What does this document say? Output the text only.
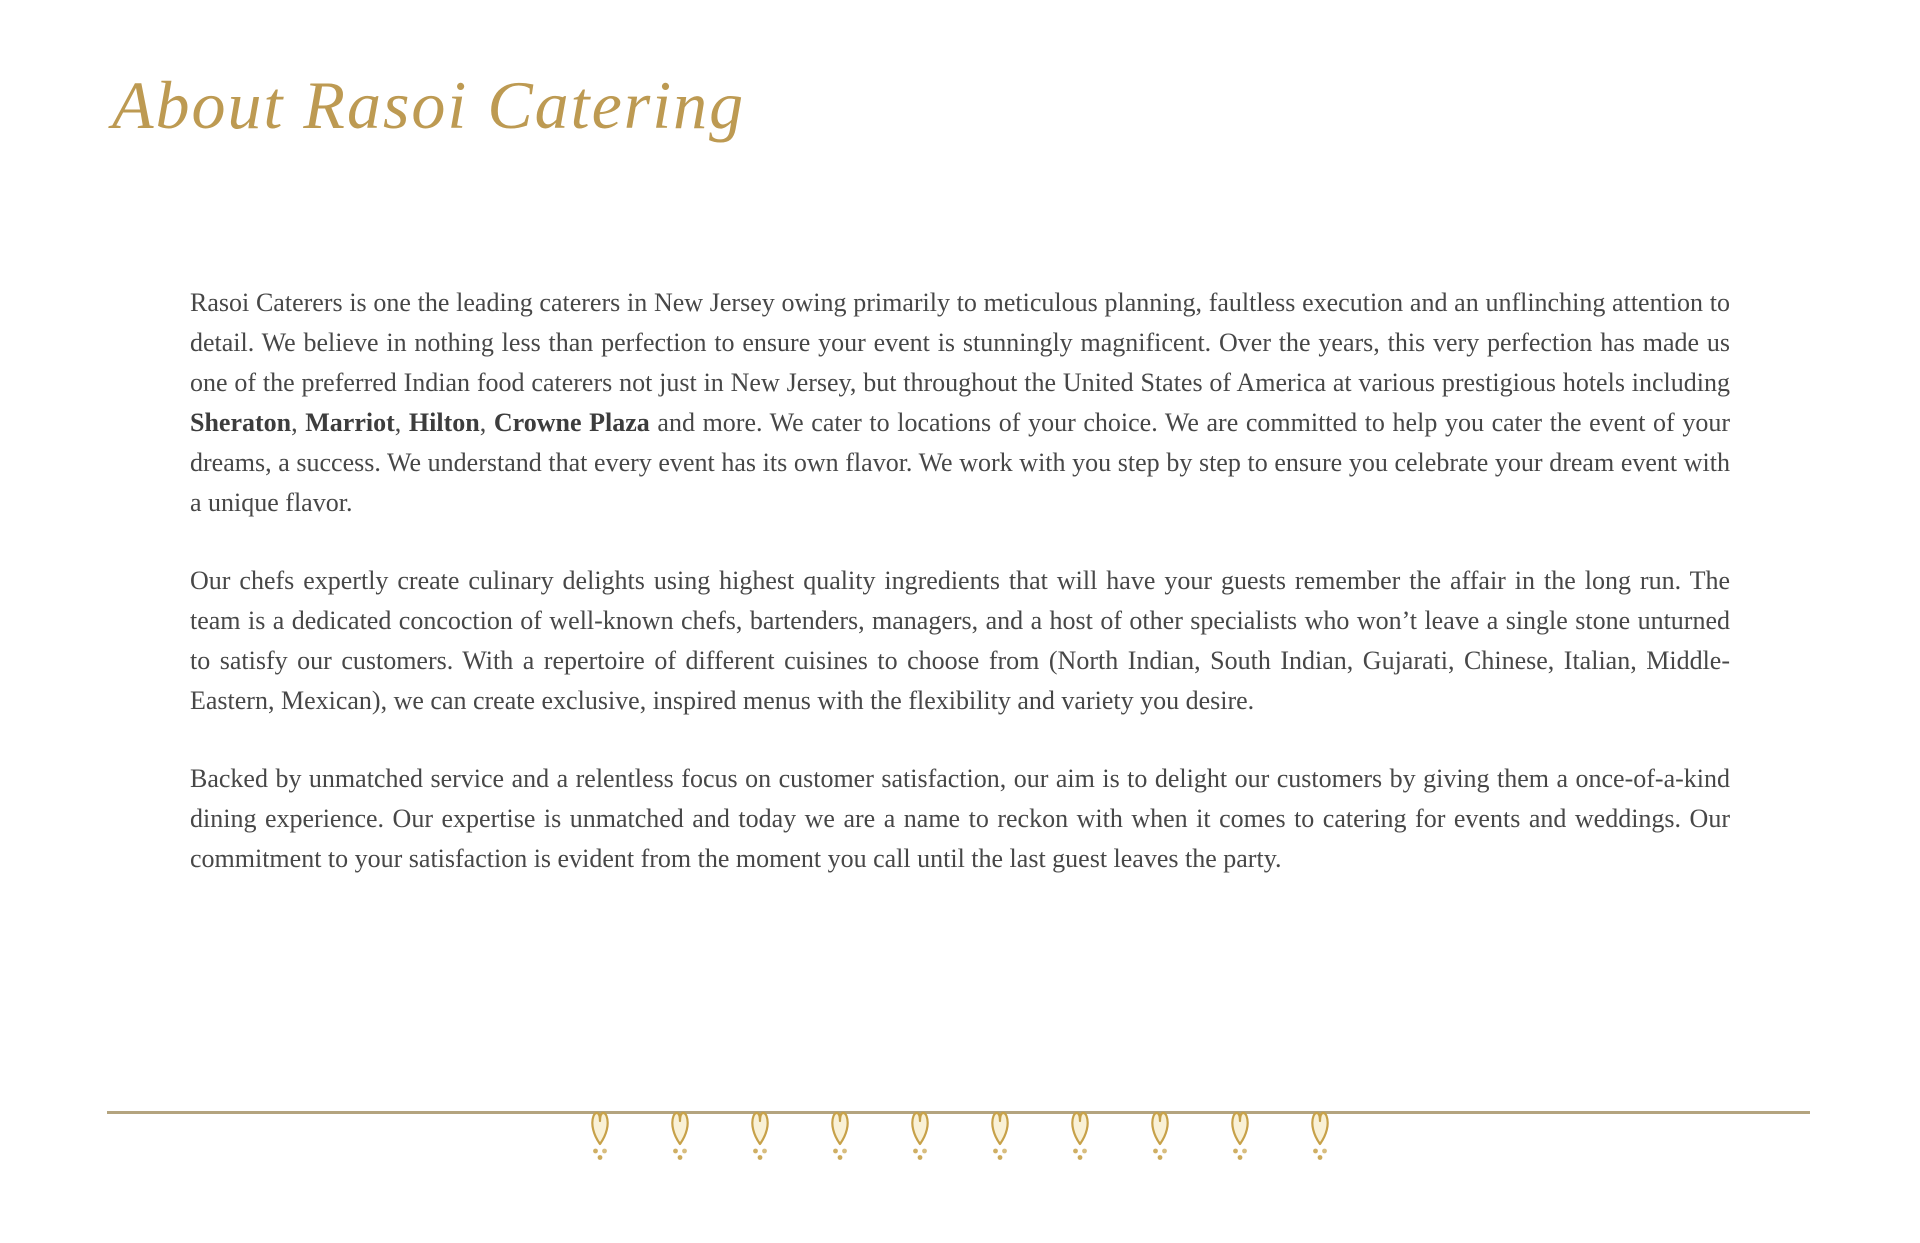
About Rasoi Catering

Rasoi Caterers is one the leading caterers in New Jersey owing primarily to meticulous planning, faultless execution and an unflinching attention to detail. We believe in nothing less than perfection to ensure your event is stunningly magnificent. Over the years, this very perfection has made us one of the preferred Indian food caterers not just in New Jersey, but throughout the United States of America at various prestigious hotels including Sheraton, Marriot, Hilton, Crowne Plaza and more. We cater to locations of your choice. We are committed to help you cater the event of your dreams, a success. We understand that every event has its own flavor. We work with you step by step to ensure you celebrate your dream event with a unique flavor.

Our chefs expertly create culinary delights using highest quality ingredients that will have your guests remember the affair in the long run. The team is a dedicated concoction of well-known chefs, bartenders, managers, and a host of other specialists who won’t leave a single stone unturned to satisfy our customers. With a repertoire of different cuisines to choose from (North Indian, South Indian, Gujarati, Chinese, Italian, Middle-Eastern, Mexican), we can create exclusive, inspired menus with the flexibility and variety you desire.

Backed by unmatched service and a relentless focus on customer satisfaction, our aim is to delight our customers by giving them a once-of-a-kind dining experience. Our expertise is unmatched and today we are a name to reckon with when it comes to catering for events and weddings. Our commitment to your satisfaction is evident from the moment you call until the last guest leaves the party.
